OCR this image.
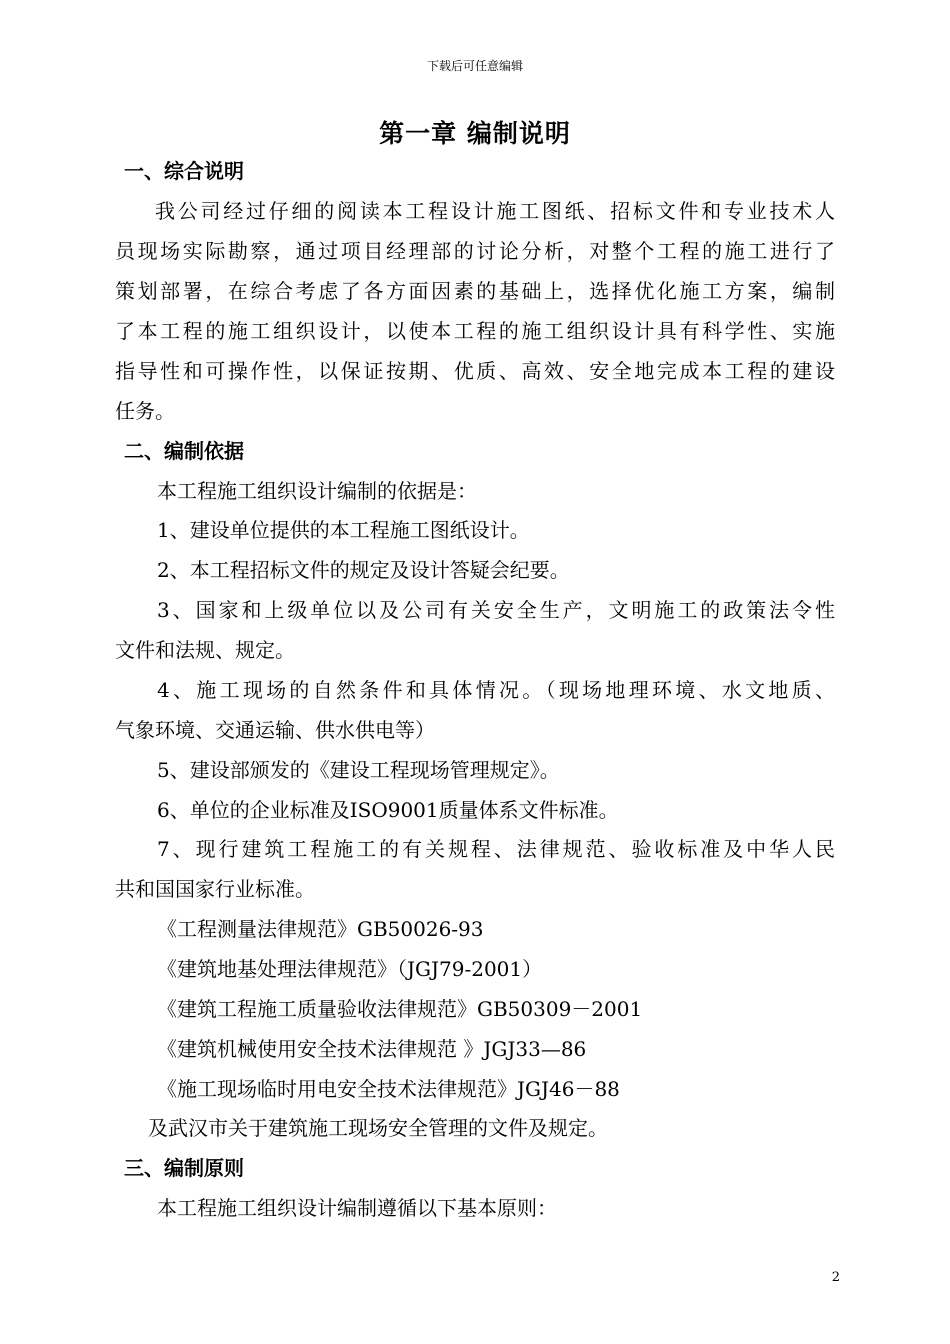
下载后可任意编辑
第一章 编制说明
一、综合说明
我公司经过仔细的阅读本工程设计施工图纸、招标文件和专业技术人
员现场实际勘察，通过项目经理部的讨论分析，对整个工程的施工进行了
策划部署，在综合考虑了各方面因素的基础上，选择优化施工方案，编制
了本工程的施工组织设计，以使本工程的施工组织设计具有科学性、实施
指导性和可操作性，以保证按期、优质、高效、安全地完成本工程的建设
任务。
二、编制依据
本工程施工组织设计编制的依据是：
1、建设单位提供的本工程施工图纸设计。
2、本工程招标文件的规定及设计答疑会纪要。
3、国家和上级单位以及公司有关安全生产，文明施工的政策法令性
文件和法规、规定。
4、施工现场的自然条件和具体情况。（现场地理环境、水文地质、
气象环境、交通运输、供水供电等）
5、建设部颁发的《建设工程现场管理规定》。
6、单位的企业标准及ISO9001质量体系文件标准。
7、现行建筑工程施工的有关规程、法律规范、验收标准及中华人民
共和国国家行业标准。
《工程测量法律规范》GB50026-93
《建筑地基处理法律规范》（JGJ79-2001）
《建筑工程施工质量验收法律规范》GB50309－2001
《建筑机械使用安全技术法律规范 》JGJ33—86
《施工现场临时用电安全技术法律规范》JGJ46－88
及武汉市关于建筑施工现场安全管理的文件及规定。
三、编制原则
本工程施工组织设计编制遵循以下基本原则：
2
